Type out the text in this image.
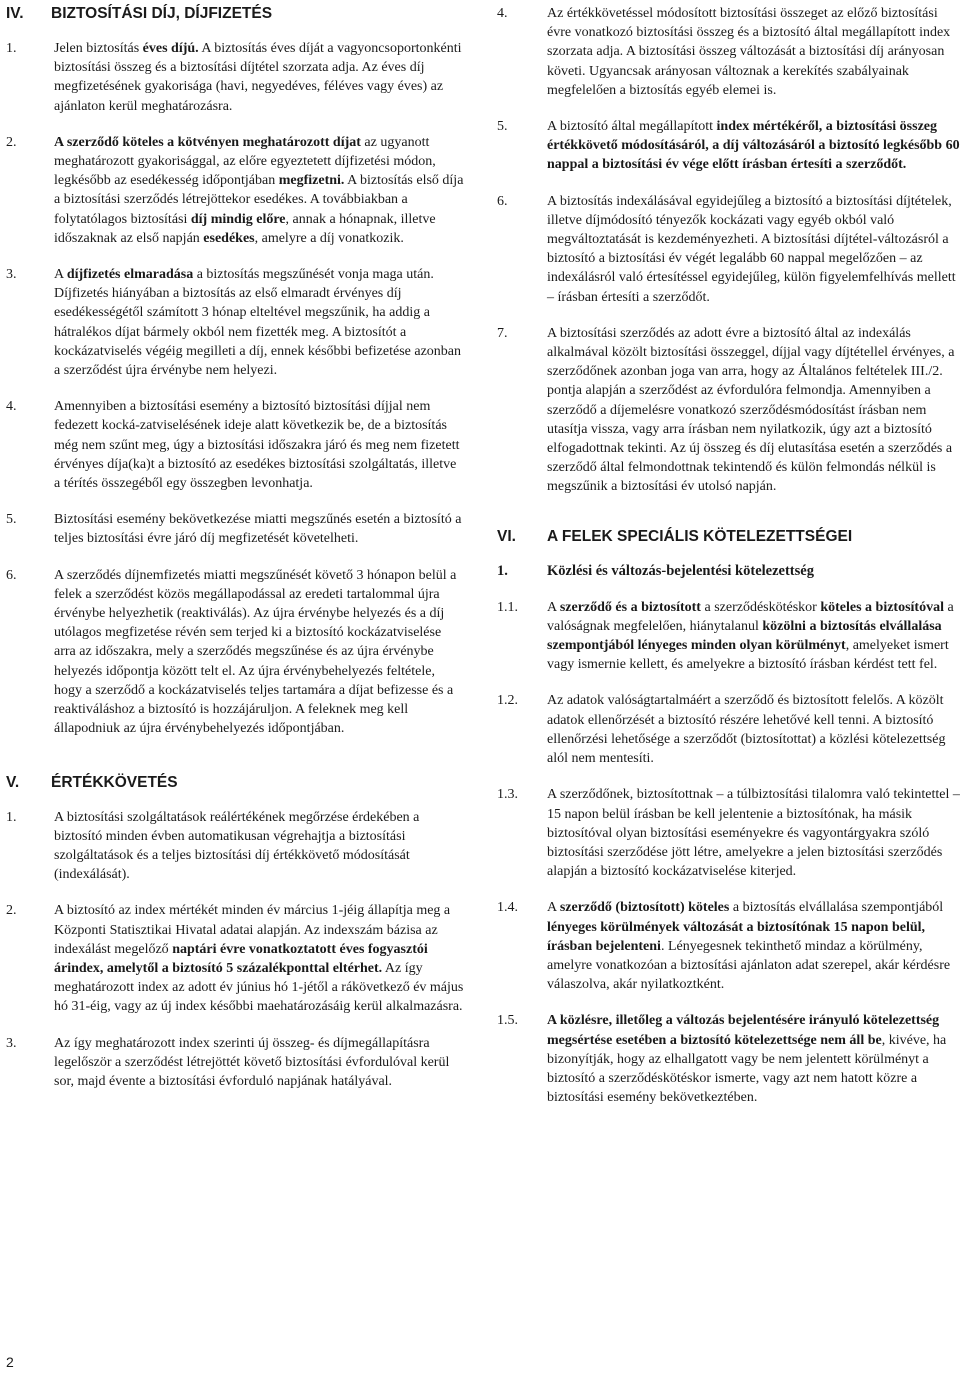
IV.	BIZTOSÍTÁSI DÍJ, DÍJFIZETÉS
1.	Jelen biztosítás éves díjú. A biztosítás éves díját a vagyoncsoportonkénti biztosítási összeg és a biztosítási díjtétel szorzata adja. Az éves díj megfizetésének gyakorisága (havi, negyedéves, féléves vagy éves) az ajánlaton kerül meghatározásra.
2.	A szerződő köteles a kötvényen meghatározott díjat az ugyanott meghatározott gyakorisággal, az előre egyeztetett díjfizetési módon, legkésőbb az esedékesség időpontjában megfizetni. A biztosítás első díja a biztosítási szerződés létrejöttekor esedékes. A továbbiakban a folytatólagos biztosítási díj mindig előre, annak a hónapnak, illetve időszaknak az első napján esedékes, amelyre a díj vonatkozik.
3.	A díjfizetés elmaradása a biztosítás megszűnését vonja maga után. Díjfizetés hiányában a biztosítás az első elmaradt érvényes díj esedékességétől számított 3 hónap elteltével megszűnik, ha addig a hátralékos díjat bármely okból nem fizették meg. A biztosítót a kockázatviselés végéig megilleti a díj, ennek későbbi befizetése azonban a szerződést újra érvénybe nem helyezi.
4.	Amennyiben a biztosítási esemény a biztosító biztosítási díjjal nem fedezett kocká-zatviselésének ideje alatt következik be, de a biztosítás még nem szűnt meg, úgy a biztosítási időszakra járó és meg nem fizetett érvényes díja(ka)t a biztosító az esedékes biztosítási szolgáltatás, illetve a térítés összegéből egy összegben levonhatja.
5.	Biztosítási esemény bekövetkezése miatti megszűnés esetén a biztosító a teljes biztosítási évre járó díj megfizetését követelheti.
6.	A szerződés díjnemfizetés miatti megszűnését követő 3 hónapon belül a felek a szerződést közös megállapodással az eredeti tartalommal újra érvénybe helyezhetik (reaktiválás). Az újra érvénybe helyezés és a díj utólagos megfizetése révén sem terjed ki a biztosító kockázatviselése arra az időszakra, mely a szerződés megszűnése és az újra érvénybe helyezés időpontja között telt el. Az újra érvénybehelyezés feltétele, hogy a szerződő a kockázatviselés teljes tartamára a díjat befizesse és a reaktiváláshoz a biztosító is hozzájáruljon. A feleknek meg kell állapodniuk az újra érvénybehelyezés időpontjában.
V.	ÉRTÉKKÖVETÉS
1.	A biztosítási szolgáltatások reálértékének megőrzése érdekében a biztosító minden évben automatikusan végrehajtja a biztosítási szolgáltatások és a teljes biztosítási díj értékkövető módosítását (indexálását).
2.	A biztosító az index mértékét minden év március 1-jéig állapítja meg a Központi Statisztikai Hivatal adatai alapján. Az indexszám bázisa az indexálást megelőző naptári évre vonatkoztatott éves fogyasztói árindex, amelytől a biztosító 5 százalékponttal eltérhet. Az így meghatározott index az adott év június hó 1-jétől a rákövetkező év május hó 31-éig, vagy az új index későbbi maehatározásáig kerül alkalmazásra.
3.	Az így meghatározott index szerinti új összeg- és díjmegállapításra legelőször a szerződést létrejöttét követő biztosítási évfordulóval kerül sor, majd évente a biztosítási évforduló napjának hatályával.
4.	Az értékkövetéssel módosított biztosítási összeget az előző biztosítási évre vonatkozó biztosítási összeg és a biztosító által megállapított index szorzata adja. A biztosítási összeg változását a biztosítási díj arányosan követi. Ugyancsak arányosan változnak a kerekítés szabályainak megfelelően a biztosítás egyéb elemei is.
5.	A biztosító által megállapított index mértékéről, a biztosítási összeg értékkövető módosításáról, a díj változásáról a biztosító legkésőbb 60 nappal a biztosítási év vége előtt írásban értesíti a szerződőt.
6.	A biztosítás indexálásával egyidejűleg a biztosító a biztosítási díjtételek, illetve díjmódosító tényezők kockázati vagy egyéb okból való megváltoztatását is kezdeményezheti. A biztosítási díjtétel-változásról a biztosító a biztosítási év végét legalább 60 nappal megelőzően – az indexálásról való értesítéssel egyidejűleg, külön figyelemfelhívás mellett – írásban értesíti a szerződőt.
7.	A biztosítási szerződés az adott évre a biztosító által az indexálás alkalmával közölt biztosítási összeggel, díjjal vagy díjtétellel érvényes, a szerződőnek azonban joga van arra, hogy az Általános feltételek III./2. pontja alapján a szerződést az évfordulóra felmondja. Amennyiben a szerződő a díjemelésre vonatkozó szerződésmódosítást írásban nem utasítja vissza, vagy arra írásban nem nyilatkozik, úgy azt a biztosító elfogadottnak tekinti. Az új összeg és díj elutasítása esetén a szerződés a szerződő által felmondottnak tekintendő és külön felmondás nélkül is megszűnik a biztosítási év utolsó napján.
VI.	A FELEK SPECIÁLIS KÖTELEZETTSÉGEI
1.	Közlési és változás-bejelentési kötelezettség
1.1.	A szerződő és a biztosított a szerződéskötéskor köteles a biztosítóval a valóságnak megfelelően, hiánytalanul közölni a biztosítás elvállalása szempontjából lényeges minden olyan körülményt, amelyeket ismert vagy ismernie kellett, és amelyekre a biztosító írásban kérdést tett fel.
1.2.	Az adatok valóságtartalmáért a szerződő és biztosított felelős. A közölt adatok ellenőrzését a biztosító részére lehetővé kell tenni. A biztosító ellenőrzési lehetősége a szerződőt (biztosítottat) a közlési kötelezettség alól nem mentesíti.
1.3.	A szerződőnek, biztosítottnak – a túlbiztosítási tilalomra való tekintettel – 15 napon belül írásban be kell jelentenie a biztosítónak, ha másik biztosítóval olyan biztosítási eseményekre és vagyontárgyakra szóló biztosítási szerződése jött létre, amelyekre a jelen biztosítási szerződés alapján a biztosító kockázatviselése kiterjed.
1.4.	A szerződő (biztosított) köteles a biztosítás elvállalása szempontjából lényeges körülmények változását a biztosítónak 15 napon belül, írásban bejelenteni. Lényegesnek tekinthető mindaz a körülmény, amelyre vonatkozóan a biztosítási ajánlaton adat szerepel, akár kérdésre válaszolva, akár nyilatkoztként.
1.5.	A közlésre, illetőleg a változás bejelentésére irányuló kötelezettség megsértése esetében a biztosító kötelezettsége nem áll be, kivéve, ha bizonyítják, hogy az elhallgatott vagy be nem jelentett körülményt a biztosító a szerződéskötéskor ismerte, vagy azt nem hatott közre a biztosítási esemény bekövetkeztében.
2
